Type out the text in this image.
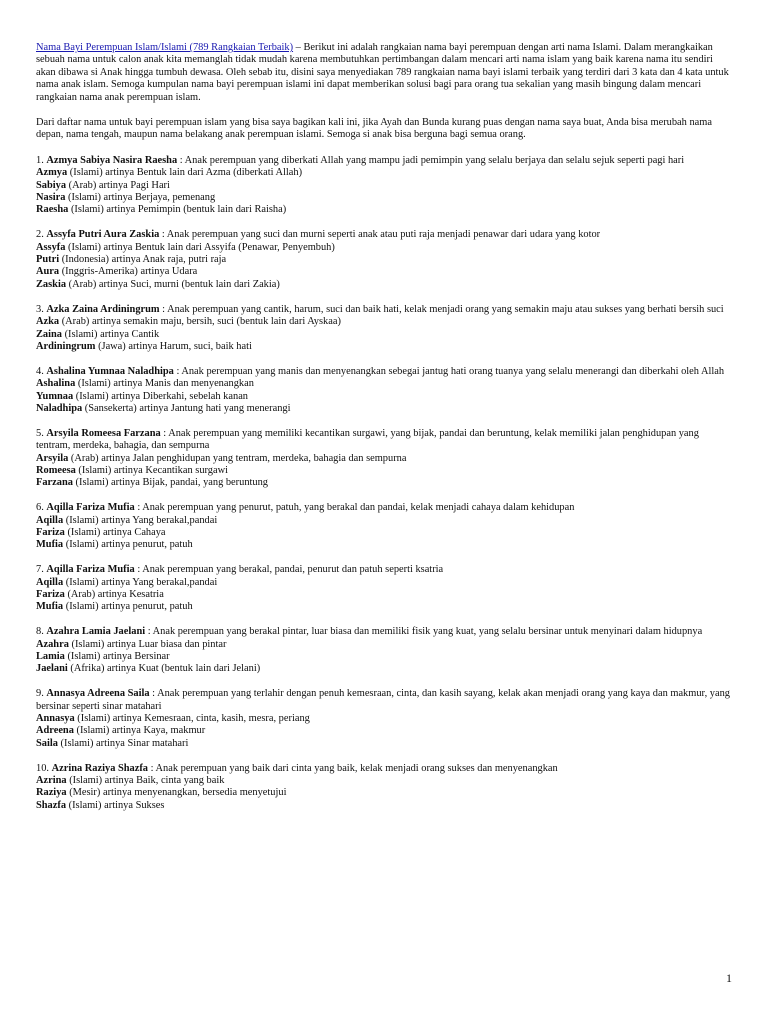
Nama Bayi Perempuan Islam/Islami (789 Rangkaian Terbaik) – Berikut ini adalah rangkaian nama bayi perempuan dengan arti nama Islami. Dalam merangkaikan sebuah nama untuk calon anak kita memanglah tidak mudah karena membutuhkan pertimbangan dalam mencari arti nama islam yang baik karena nama itu sendiri akan dibawa si Anak hingga tumbuh dewasa. Oleh sebab itu, disini saya menyediakan 789 rangkaian nama bayi islami terbaik yang terdiri dari 3 kata dan 4 kata untuk nama anak islam. Semoga kumpulan nama bayi perempuan islami ini dapat memberikan solusi bagi para orang tua sekalian yang masih bingung dalam mencari rangkaian nama anak perempuan islam.

Dari daftar nama untuk bayi perempuan islam yang bisa saya bagikan kali ini, jika Ayah dan Bunda kurang puas dengan nama saya buat, Anda bisa merubah nama depan, nama tengah, maupun nama belakang anak perempuan islami. Semoga si anak bisa berguna bagi semua orang.

1. Azmya Sabiya Nasira Raesha : Anak perempuan yang diberkati Allah yang mampu jadi pemimpin yang selalu berjaya dan selalu sejuk seperti pagi hari
Azmya (Islami) artinya Bentuk lain dari Azma (diberkati Allah)
Sabiya (Arab) artinya Pagi Hari
Nasira (Islami) artinya Berjaya, pemenang
Raesha (Islami) artinya Pemimpin (bentuk lain dari Raisha)
2. Assyfa Putri Aura Zaskia : Anak perempuan yang suci dan murni seperti anak atau puti raja menjadi penawar dari udara yang kotor
Assyfa (Islami) artinya Bentuk lain dari Assyifa (Penawar, Penyembuh)
Putri (Indonesia) artinya Anak raja, putri raja
Aura (Inggris-Amerika) artinya Udara
Zaskia (Arab) artinya Suci, murni (bentuk lain dari Zakia)
3. Azka Zaina Ardiningrum : Anak perempuan yang cantik, harum, suci dan baik hati, kelak menjadi orang yang semakin maju atau sukses yang berhati bersih suci
Azka (Arab) artinya semakin maju, bersih, suci (bentuk lain dari Ayskaa)
Zaina (Islami) artinya Cantik
Ardiningrum (Jawa) artinya Harum, suci, baik hati
4. Ashalina Yumnaa Naladhipa : Anak perempuan yang manis dan menyenangkan sebegai jantug hati orang tuanya yang selalu menerangi dan diberkahi oleh Allah
Ashalina (Islami) artinya Manis dan menyenangkan
Yumnaa (Islami) artinya Diberkahi, sebelah kanan
Naladhipa (Sansekerta) artinya Jantung hati yang menerangi
5. Arsyila Romeesa Farzana : Anak perempuan yang memiliki kecantikan surgawi, yang bijak, pandai dan beruntung, kelak memiliki jalan penghidupan yang tentram, merdeka, bahagia, dan sempurna
Arsyila (Arab) artinya Jalan penghidupan yang tentram, merdeka, bahagia dan sempurna
Romeesa (Islami) artinya Kecantikan surgawi
Farzana (Islami) artinya Bijak, pandai, yang beruntung
6. Aqilla Fariza Mufia : Anak perempuan yang penurut, patuh, yang berakal dan pandai, kelak menjadi cahaya dalam kehidupan
Aqilla (Islami) artinya Yang berakal,pandai
Fariza (Islami) artinya Cahaya
Mufia (Islami) artinya penurut, patuh
7. Aqilla Fariza Mufia : Anak perempuan yang berakal, pandai, penurut dan patuh seperti ksatria
Aqilla (Islami) artinya Yang berakal,pandai
Fariza (Arab) artinya Kesatria
Mufia (Islami) artinya penurut, patuh
8. Azahra Lamia Jaelani : Anak perempuan yang berakal pintar, luar biasa dan memiliki fisik yang kuat, yang selalu bersinar untuk menyinari dalam hidupnya
Azahra (Islami) artinya Luar biasa dan pintar
Lamia (Islami) artinya Bersinar
Jaelani (Afrika) artinya Kuat (bentuk lain dari Jelani)
9. Annasya Adreena Saila : Anak perempuan yang terlahir dengan penuh kemesraan, cinta, dan kasih sayang, kelak akan menjadi orang yang kaya dan makmur, yang bersinar seperti sinar matahari
Annasya (Islami) artinya Kemesraan, cinta, kasih, mesra, periang
Adreena (Islami) artinya Kaya, makmur
Saila (Islami) artinya Sinar matahari
10. Azrina Raziya Shazfa : Anak perempuan yang baik dari cinta yang baik, kelak menjadi orang sukses dan menyenangkan
Azrina (Islami) artinya Baik, cinta yang baik
Raziya (Mesir) artinya menyenangkan, bersedia menyetujui
Shazfa (Islami) artinya Sukses
1
